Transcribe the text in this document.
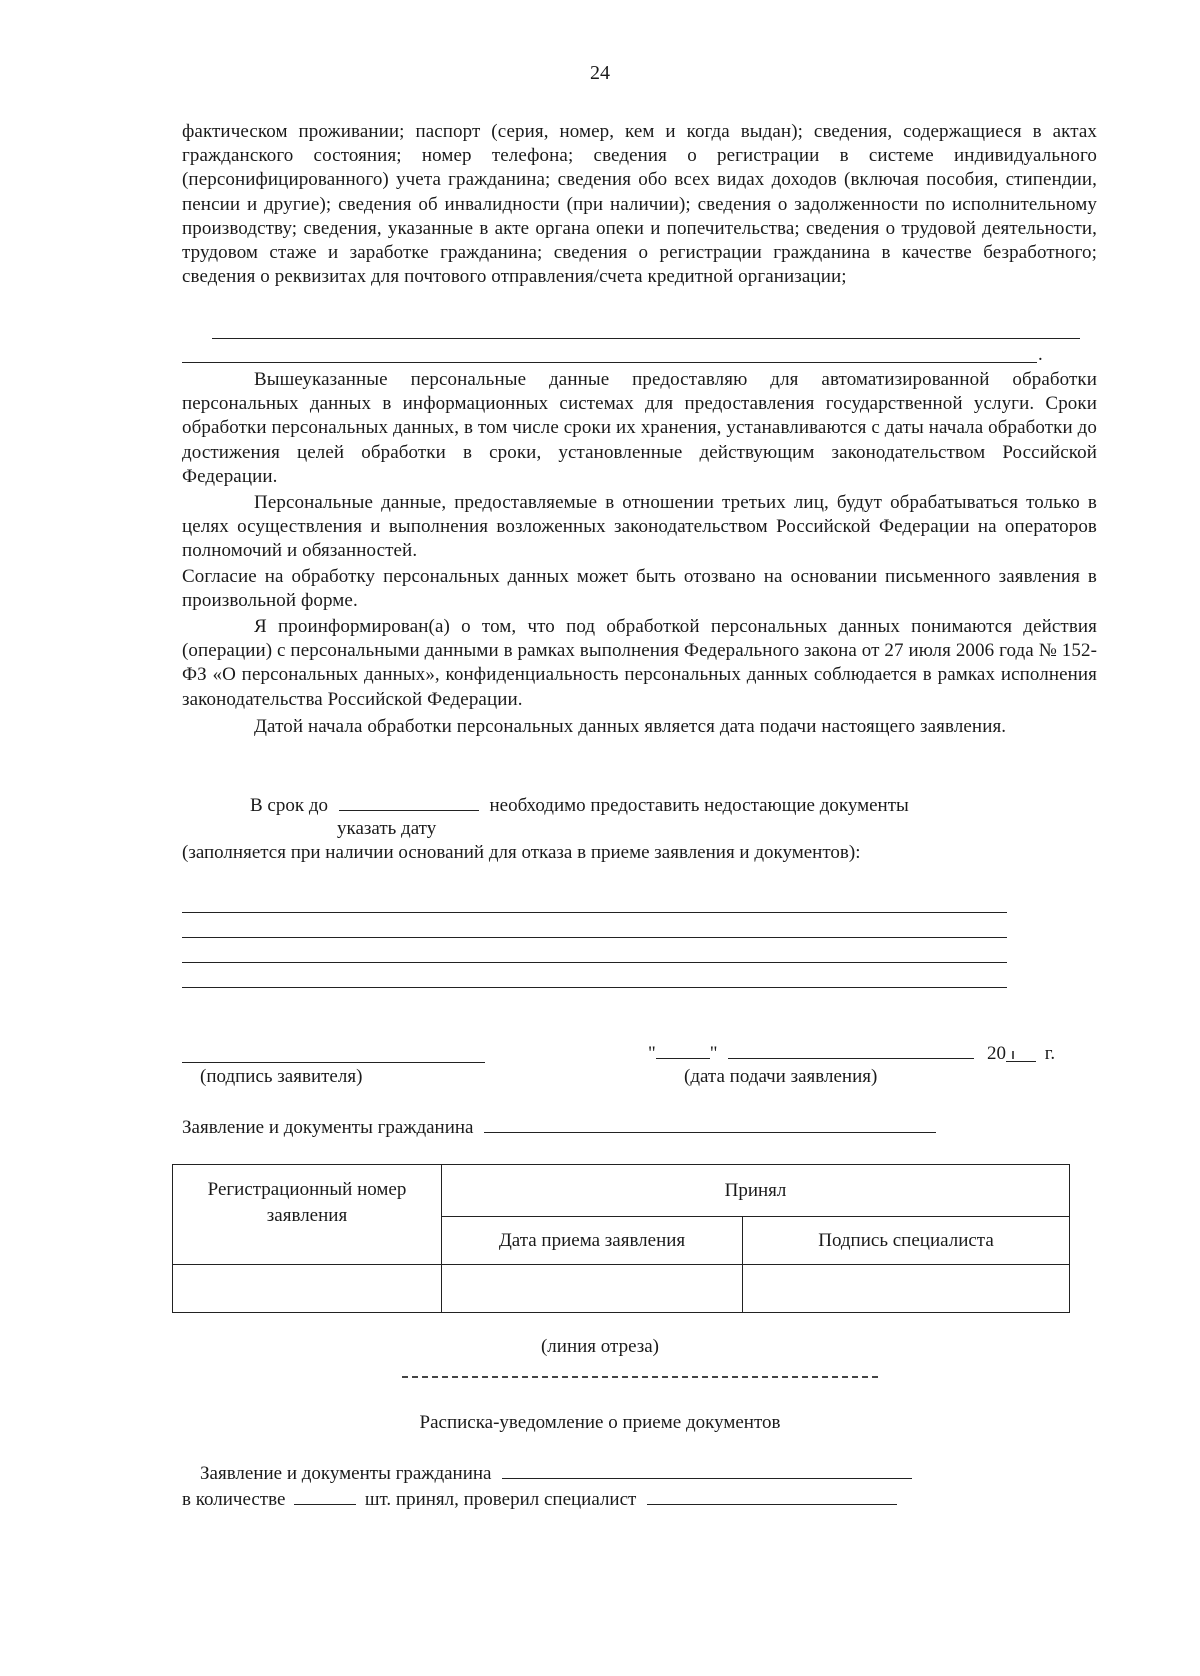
24
фактическом проживании; паспорт (серия, номер, кем и когда выдан); сведения, содержащиеся в актах гражданского состояния; номер телефона; сведения о регистрации в системе индивидуального (персонифицированного) учета гражданина; сведения обо всех видах доходов (включая пособия, стипендии, пенсии и другие); сведения об инвалидности (при наличии); сведения о задолженности по исполнительному производству; сведения, указанные в акте органа опеки и попечительства; сведения о трудовой деятельности, трудовом стаже и заработке гражданина; сведения о регистрации гражданина в качестве безработного; сведения о реквизитах для почтового отправления/счета кредитной организации;
.
Вышеуказанные персональные данные предоставляю для автоматизированной обработки персональных данных в информационных системах для предоставления государственной услуги. Сроки обработки персональных данных, в том числе сроки их хранения, устанавливаются с даты начала обработки до достижения целей обработки в сроки, установленные действующим законодательством Российской Федерации.
Персональные данные, предоставляемые в отношении третьих лиц, будут обрабатываться только в целях осуществления и выполнения возложенных законодательством Российской Федерации на операторов полномочий и обязанностей.
Согласие на обработку персональных данных может быть отозвано на основании письменного заявления в произвольной форме.
Я проинформирован(а) о том, что под обработкой персональных данных понимаются действия (операции) с персональными данными в рамках выполнения Федерального закона от 27 июля 2006 года № 152-ФЗ «О персональных данных», конфиденциальность персональных данных соблюдается в рамках исполнения законодательства Российской Федерации.
Датой начала обработки персональных данных является дата подачи настоящего заявления.
В срок до	необходимо предоставить недостающие документы
указать дату
(заполняется при наличии оснований для отказа в приеме заявления и документов):
(подпись заявителя)
"	"	20 г.
(дата подачи заявления)
Заявление и документы гражданина
Регистрационный номер заявления	Принял	
	Дата приема заявления	Подпись специалиста

(линия отреза)
Расписка-уведомление о приеме документов
Заявление и документы гражданина
в количестве	шт. принял, проверил специалист
